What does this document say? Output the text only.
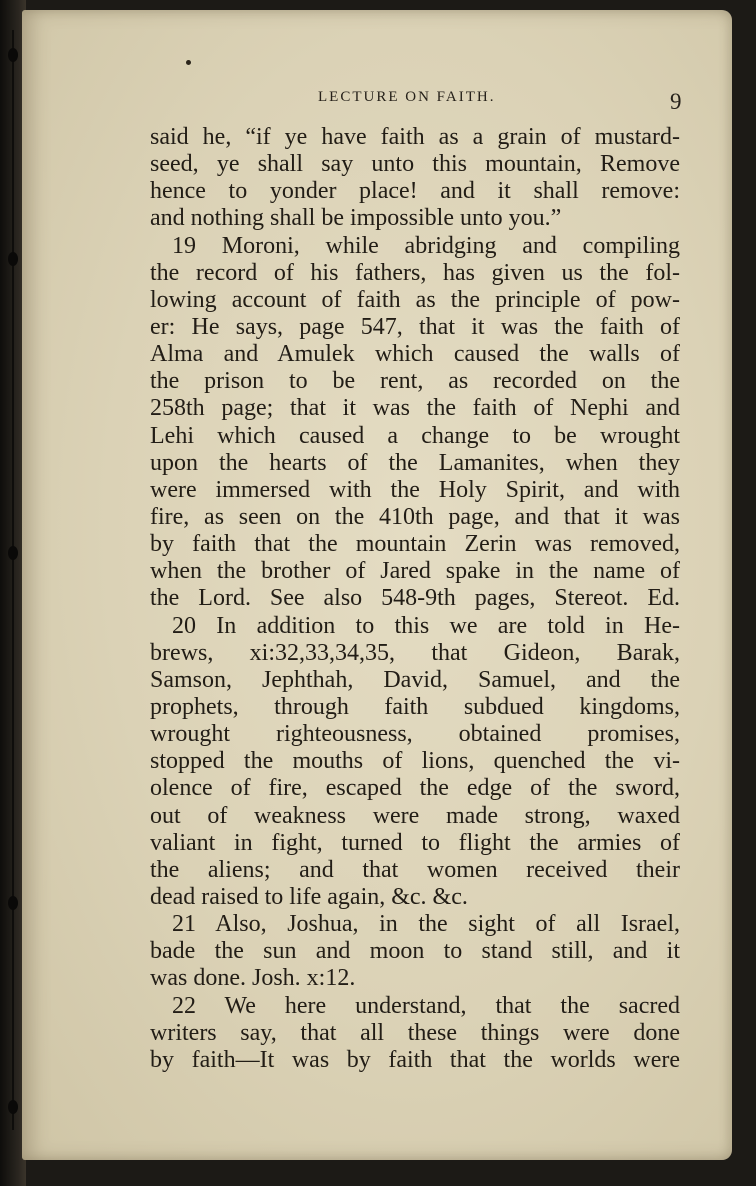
LECTURE ON FAITH.	9
said he, “if ye have faith as a grain of mustard-
seed, ye shall say unto this mountain, Remove
hence to yonder place! and it shall remove:
and nothing shall be impossible unto you.”
19 Moroni, while abridging and compiling
the record of his fathers, has given us the fol-
lowing account of faith as the principle of pow-
er: He says, page 547, that it was the faith of
Alma and Amulek which caused the walls of
the prison to be rent, as recorded on the
258th page; that it was the faith of Nephi and
Lehi which caused a change to be wrought
upon the hearts of the Lamanites, when they
were immersed with the Holy Spirit, and with
fire, as seen on the 410th page, and that it was
by faith that the mountain Zerin was removed,
when the brother of Jared spake in the name of
the Lord. See also 548-9th pages, Stereot. Ed.
20 In addition to this we are told in He-
brews, xi:32,33,34,35, that Gideon, Barak,
Samson, Jephthah, David, Samuel, and the
prophets, through faith subdued kingdoms,
wrought righteousness, obtained promises,
stopped the mouths of lions, quenched the vi-
olence of fire, escaped the edge of the sword,
out of weakness were made strong, waxed
valiant in fight, turned to flight the armies of
the aliens; and that women received their
dead raised to life again, &c. &c.
21 Also, Joshua, in the sight of all Israel,
bade the sun and moon to stand still, and it
was done. Josh. x:12.
22 We here understand, that the sacred
writers say, that all these things were done
by faith—It was by faith that the worlds were
